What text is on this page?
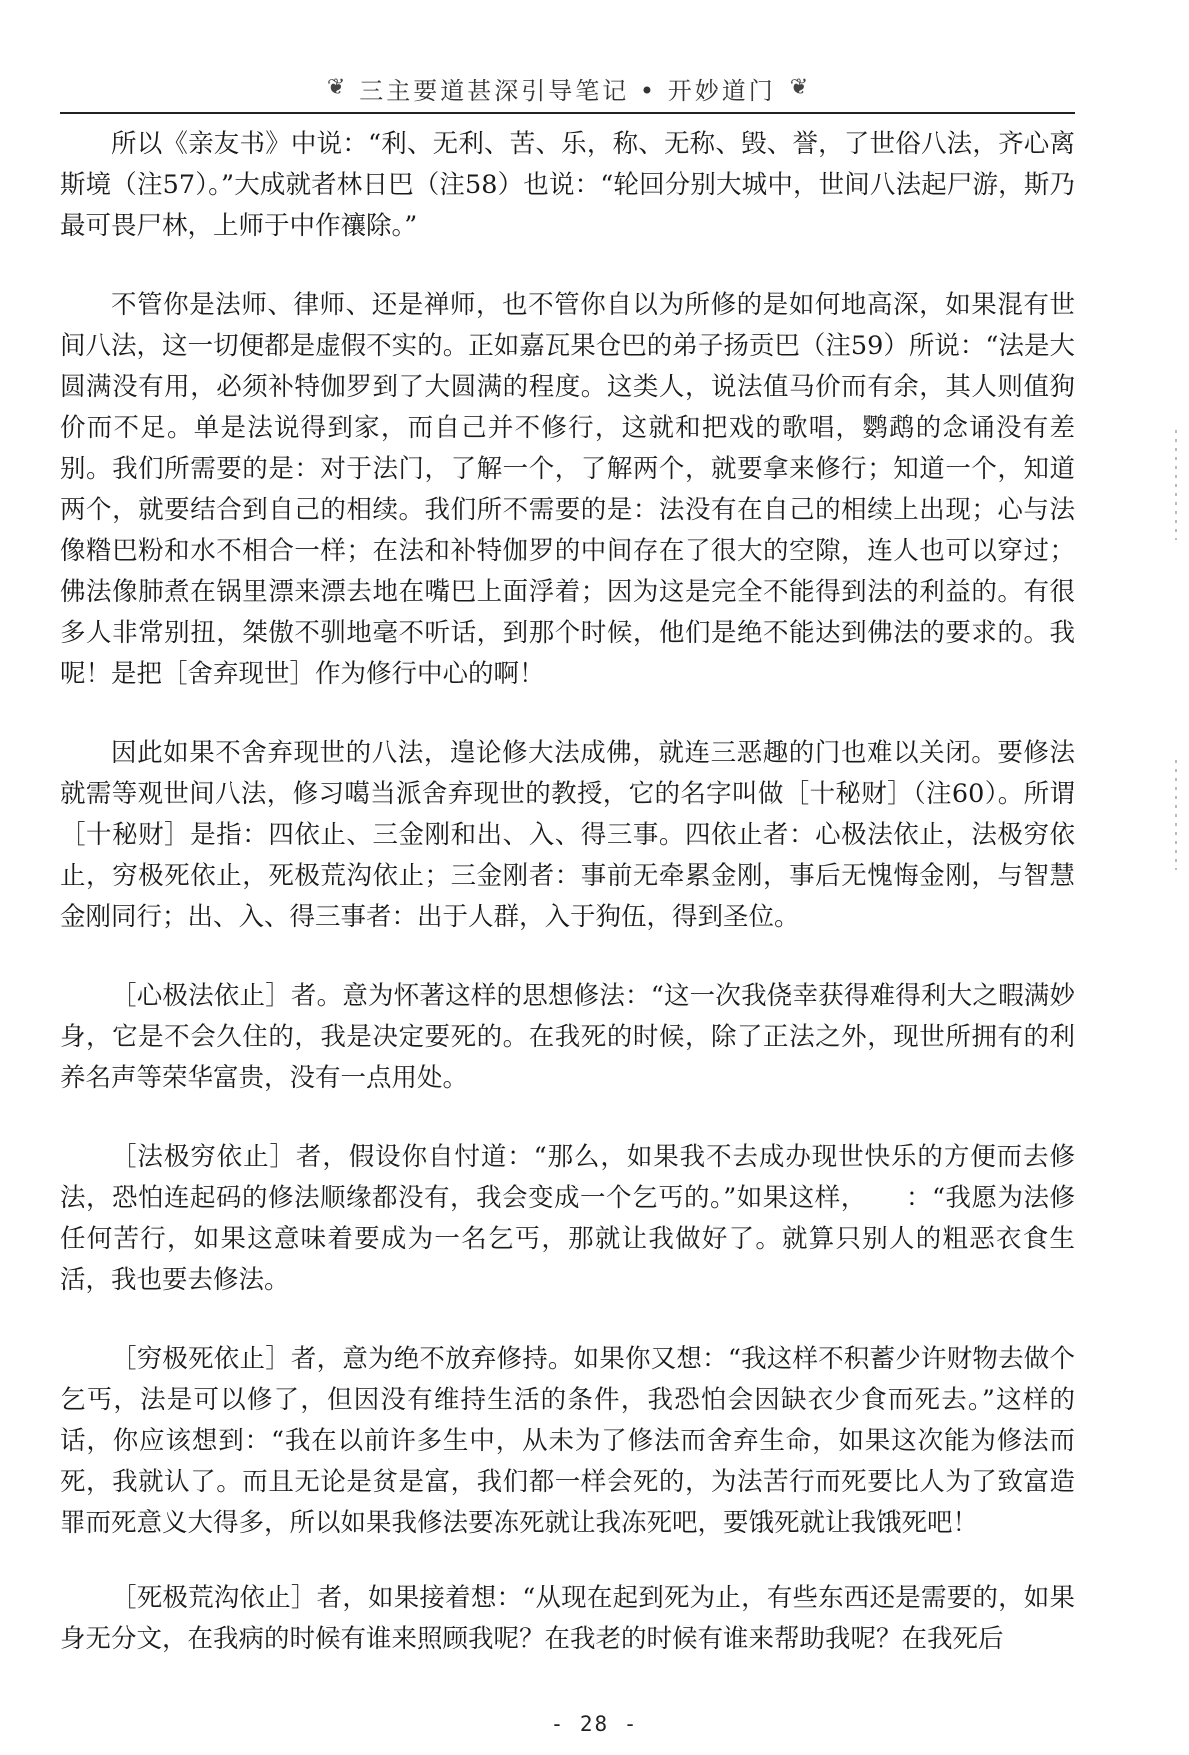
❦ 三主要道甚深引导笔记 • 开妙道门 ❦

所以《亲友书》中说：“利、无利、苦、乐，称、无称、毁、誉，了世俗八法，齐心离斯境（注57）。”大成就者林日巴（注58）也说：“轮回分别大城中，世间八法起尸游，斯乃最可畏尸林，上师于中作禳除。”

不管你是法师、律师、还是禅师，也不管你自以为所修的是如何地高深，如果混有世间八法，这一切便都是虚假不实的。正如嘉瓦果仓巴的弟子扬贡巴（注59）所说：“法是大圆满没有用，必须补特伽罗到了大圆满的程度。这类人，说法值马价而有余，其人则值狗价而不足。单是法说得到家，而自己并不修行，这就和把戏的歌唱，鹦鹉的念诵没有差别。我们所需要的是：对于法门，了解一个，了解两个，就要拿来修行；知道一个，知道两个，就要结合到自己的相续。我们所不需要的是：法没有在自己的相续上出现；心与法像糌巴粉和水不相合一样；在法和补特伽罗的中间存在了很大的空隙，连人也可以穿过；佛法像肺煮在锅里漂来漂去地在嘴巴上面浮着；因为这是完全不能得到法的利益的。有很多人非常别扭，桀傲不驯地毫不听话，到那个时候，他们是绝不能达到佛法的要求的。我呢！是把［舍弃现世］作为修行中心的啊！

因此如果不舍弃现世的八法，遑论修大法成佛，就连三恶趣的门也难以关闭。要修法就需等观世间八法，修习噶当派舍弃现世的教授，它的名字叫做［十秘财］（注60）。所谓［十秘财］是指：四依止、三金刚和出、入、得三事。四依止者：心极法依止，法极穷依止，穷极死依止，死极荒沟依止；三金刚者：事前无牵累金刚，事后无愧悔金刚，与智慧金刚同行；出、入、得三事者：出于人群，入于狗伍，得到圣位。

［心极法依止］者。意为怀著这样的思想修法：“这一次我侥幸获得难得利大之暇满妙身，它是不会久住的，我是决定要死的。在我死的时候，除了正法之外，现世所拥有的利养名声等荣华富贵，没有一点用处。

［法极穷依止］者，假设你自忖道：“那么，如果我不去成办现世快乐的方便而去修法，恐怕连起码的修法顺缘都没有，我会变成一个乞丐的。”如果这样，　　：“我愿为法修任何苦行，如果这意味着要成为一名乞丐，那就让我做好了。就算只别人的粗恶衣食生活，我也要去修法。

［穷极死依止］者，意为绝不放弃修持。如果你又想：“我这样不积蓄少许财物去做个乞丐，法是可以修了，但因没有维持生活的条件，我恐怕会因缺衣少食而死去。”这样的话，你应该想到：“我在以前许多生中，从未为了修法而舍弃生命，如果这次能为修法而死，我就认了。而且无论是贫是富，我们都一样会死的，为法苦行而死要比人为了致富造罪而死意义大得多，所以如果我修法要冻死就让我冻死吧，要饿死就让我饿死吧！

［死极荒沟依止］者，如果接着想：“从现在起到死为止，有些东西还是需要的，如果身无分文，在我病的时候有谁来照顾我呢？在我老的时候有谁来帮助我呢？在我死后

- 28 -
